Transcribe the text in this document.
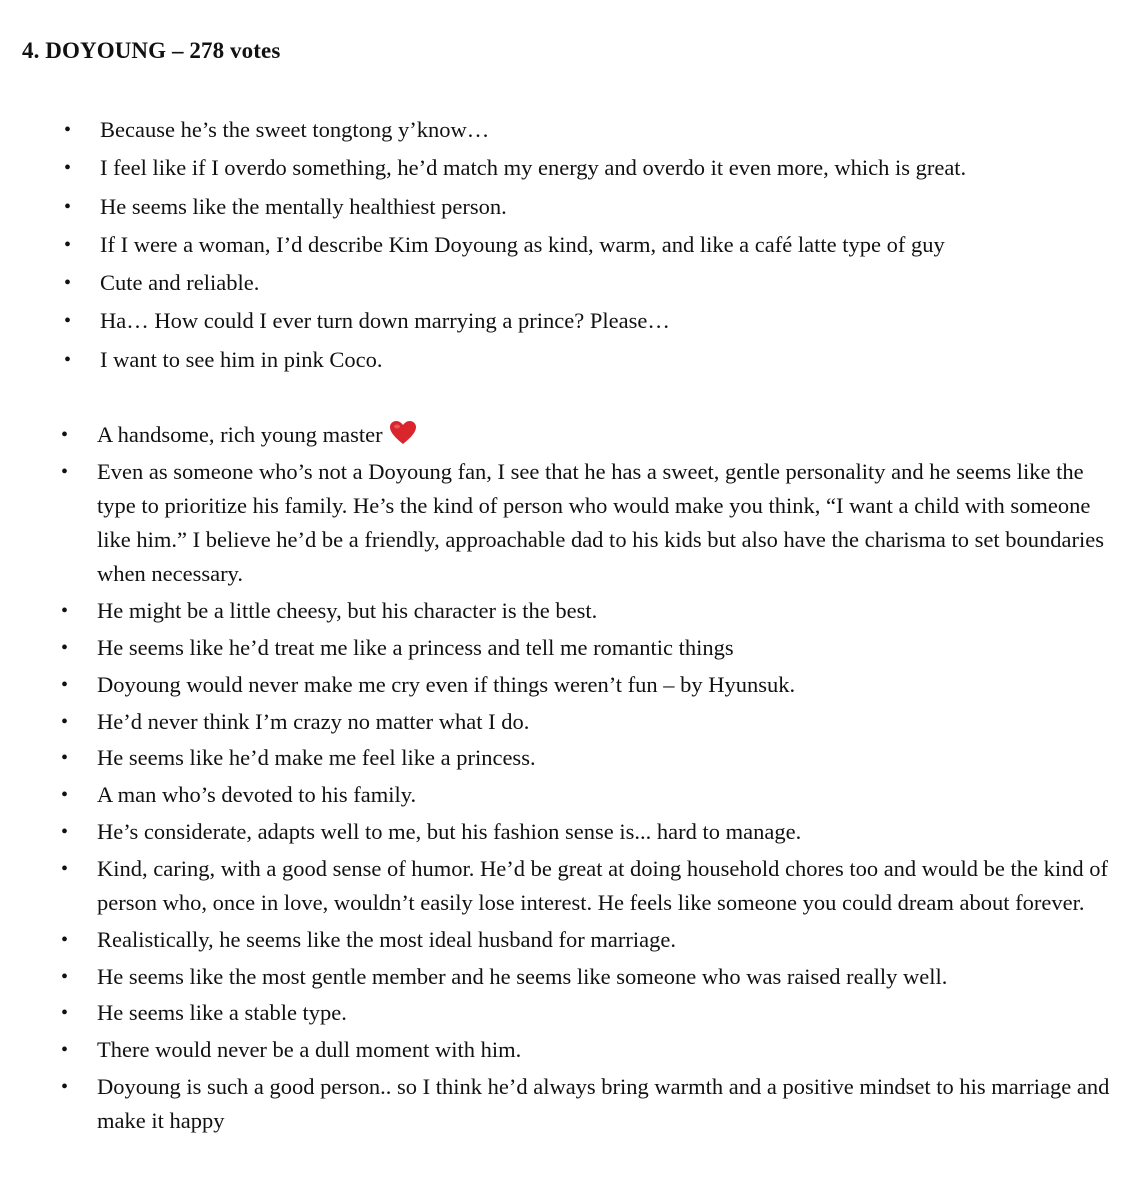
4. DOYOUNG – 278 votes
• Because he’s the sweet tongtong y’know…
• I feel like if I overdo something, he’d match my energy and overdo it even more, which is great.
• He seems like the mentally healthiest person.
• If I were a woman, I’d describe Kim Doyoung as kind, warm, and like a café latte type of guy
• Cute and reliable.
• Ha… How could I ever turn down marrying a prince? Please…
• I want to see him in pink Coco.
• A handsome, rich young master
• Even as someone who’s not a Doyoung fan, I see that he has a sweet, gentle personality and he seems like the type to prioritize his family. He’s the kind of person who would make you think, “I want a child with someone like him.” I believe he’d be a friendly, approachable dad to his kids but also have the charisma to set boundaries when necessary.
• He might be a little cheesy, but his character is the best.
• He seems like he’d treat me like a princess and tell me romantic things
• Doyoung would never make me cry even if things weren’t fun – by Hyunsuk.
• He’d never think I’m crazy no matter what I do.
• He seems like he’d make me feel like a princess.
• A man who’s devoted to his family.
• He’s considerate, adapts well to me, but his fashion sense is... hard to manage.
• Kind, caring, with a good sense of humor. He’d be great at doing household chores too and would be the kind of person who, once in love, wouldn’t easily lose interest. He feels like someone you could dream about forever.
• Realistically, he seems like the most ideal husband for marriage.
• He seems like the most gentle member and he seems like someone who was raised really well.
• He seems like a stable type.
• There would never be a dull moment with him.
• Doyoung is such a good person.. so I think he’d always bring warmth and a positive mindset to his marriage and make it happy
